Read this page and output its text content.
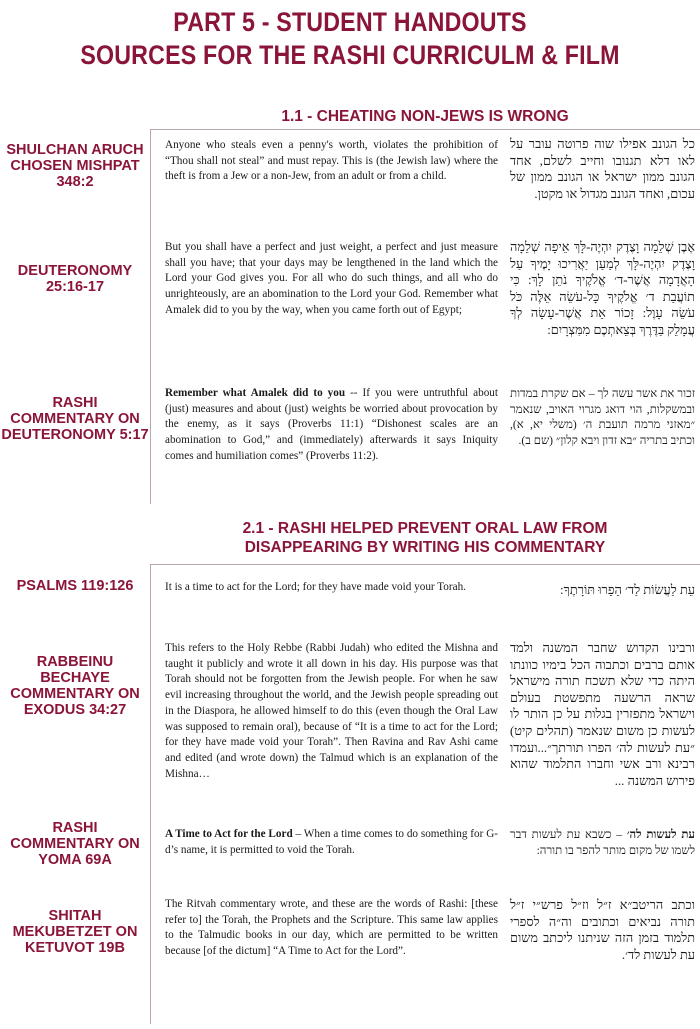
PART 5 - STUDENT HANDOUTS
SOURCES FOR THE RASHI CURRICULM & FILM
1.1 - CHEATING NON-JEWS IS WRONG
SHULCHAN ARUCH CHOSEN MISHPAT 348:2
Anyone who steals even a penny's worth, violates the prohibition of “Thou shall not steal” and must repay. This is (the Jewish law) where the theft is from a Jew or a non-Jew, from an adult or from a child.
כל הגונב אפילו שוה פרוטה עובר על לאו דלא תגנובו וחייב לשלם, אחד הגונב ממון ישראל או הגונב ממון של עכום, ואחד הגונב מגדול או מקטן.
DEUTERONOMY 25:16-17
But you shall have a perfect and just weight, a perfect and just measure shall you have; that your days may be lengthened in the land which the Lord your God gives you. For all who do such things, and all who do unrighteously, are an abomination to the Lord your God. Remember what Amalek did to you by the way, when you came forth out of Egypt;
אֶבֶן שְׁלֵמָה וָצֶדֶק יִהְיֶה-לָּךְ אֵיפָה שְׁלֵמָה וָצֶדֶק יִהְיֶה-לָּךְ לְמַעַן יַאֲרִיכוּ יָמֶיךָ עַל הָאֲדָמָה אֲשֶׁר-ד׳ אֱלֹקֶיךָ נֹתֵן לָךְ: כִּי תוֹעֲבַת ד׳ אֱלֹקֶיךָ כָּל-עֹשֵׂה אֵלֶּה כֹּל עֹשֵׂה עָוֶל: זָכוֹר אֵת אֲשֶׁר-עָשָׂה לְךָ עֲמָלֵק בַּדֶּרֶךְ בְּצֵאתְכֶם מִמִּצְרָיִם:
RASHI COMMENTARY ON DEUTERONOMY 5:17
Remember what Amalek did to you -- If you were untruthful about (just) measures and about (just) weights be worried about provocation by the enemy, as it says (Proverbs 11:1) “Dishonest scales are an abomination to God,” and (immediately) afterwards it says Iniquity comes and humiliation comes” (Proverbs 11:2).
זכור את אשר עשה לך – אם שקרת במדות ובמשקלות, הוי דואג מגרוי האויב, שנאמר ״מאזני מרמה תועבת ה׳ (משלי יא, א), וכתיב בתריה ״בא זדון ויבא קלון״ (שם ב).
2.1 - RASHI HELPED PREVENT ORAL LAW FROM
DISAPPEARING BY WRITING HIS COMMENTARY
PSALMS 119:126	It is a time to act for the Lord; for they have made void your Torah.	עֵת לַעֲשׂוֹת לַד׳ הֵפֵרוּ תּוֹרָתֶךָ:
RABBEINU BECHAYE COMMENTARY ON EXODUS 34:27
This refers to the Holy Rebbe (Rabbi Judah) who edited the Mishna and taught it publicly and wrote it all down in his day. His purpose was that Torah should not be forgotten from the Jewish people. For when he saw evil increasing throughout the world, and the Jewish people spreading out in the Diaspora, he allowed himself to do this (even though the Oral Law was supposed to remain oral), because of “It is a time to act for the Lord; for they have made void your Torah”. Then Ravina and Rav Ashi came and edited (and wrote down) the Talmud which is an explanation of the Mishna…
ורבינו הקדוש שחבר המשנה ולמד אותם ברבים וכתבוה הכל בימיו כוונתו היתה כדי שלא תשכח תורה מישראל שראה הרשעה מתפשטת בעולם וישראל מתפזרין בגלות על כן הותר לו לעשות כן משום שנאמר (תהלים קיט) ״עת לעשות לה׳ הפרו תורתך״...ועמדו רבינא ורב אשי וחברו התלמוד שהוא פירוש המשנה ...
RASHI COMMENTARY ON YOMA 69A
A Time to Act for the Lord – When a time comes to do something for G-d’s name, it is permitted to void the Torah.
עת לעשות לה׳ – כשבא עת לעשות דבר לשמו של מקום מותר להפר בו תורה:
SHITAH MEKUBETZET ON KETUVOT 19B
The Ritvah commentary wrote, and these are the words of Rashi: [these refer to] the Torah, the Prophets and the Scripture. This same law applies to the Talmudic books in our day, which are permitted to be written because [of the dictum] “A Time to Act for the Lord”.
וכתב הריטב״א ז״ל וז״ל פרש״י ז״ל תורה נביאים וכתובים וה״ה לספרי תלמוד בזמן הזה שניתנו ליכתב משום עת לעשות לד׳.
